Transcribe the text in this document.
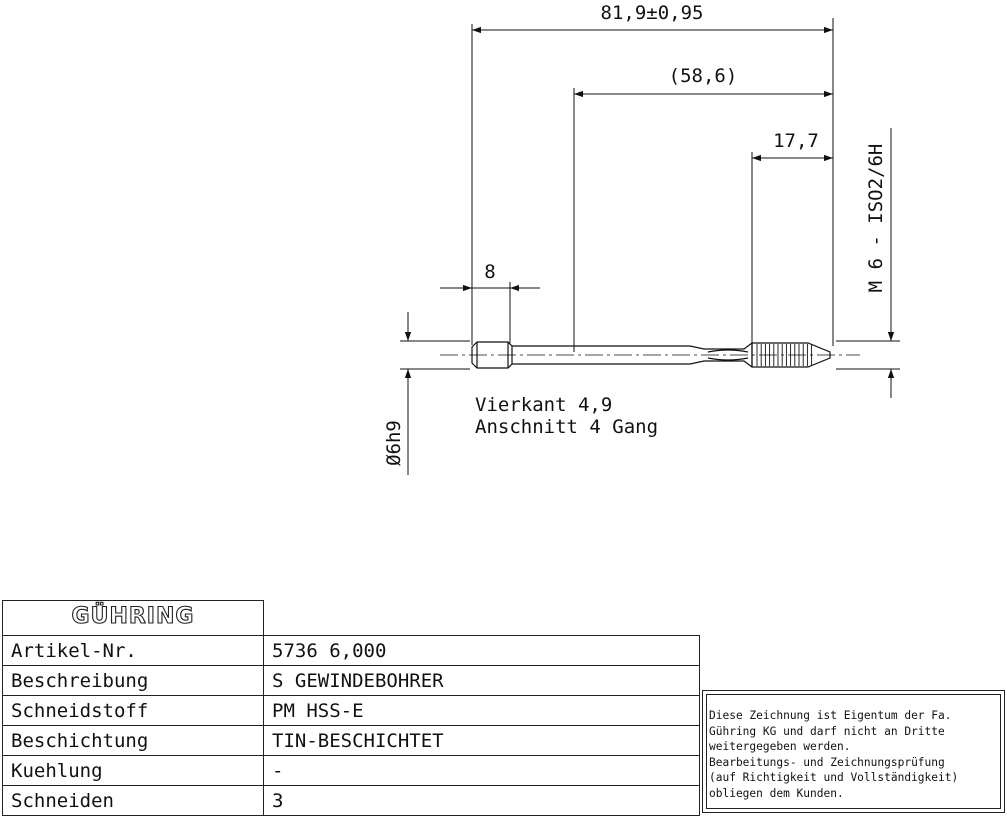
81,9±0,95
(58,6)
17,7
8	M 6 - ISO2/6H
Ø6h9
Vierkant 4,9
Anschnitt 4 Gang
GÜHRING	

Artikel-Nr.	5736 6,000
Beschreibung	S GEWINDEBOHRER
Schneidstoff	PM HSS-E
Beschichtung	TIN-BESCHICHTET
Kuehlung	-
Schneiden	3
Diese Zeichnung ist Eigentum der Fa.
Gühring KG und darf nicht an Dritte
weitergegeben werden.
Bearbeitungs- und Zeichnungsprüfung
(auf Richtigkeit und Vollständigkeit)
obliegen dem Kunden.
